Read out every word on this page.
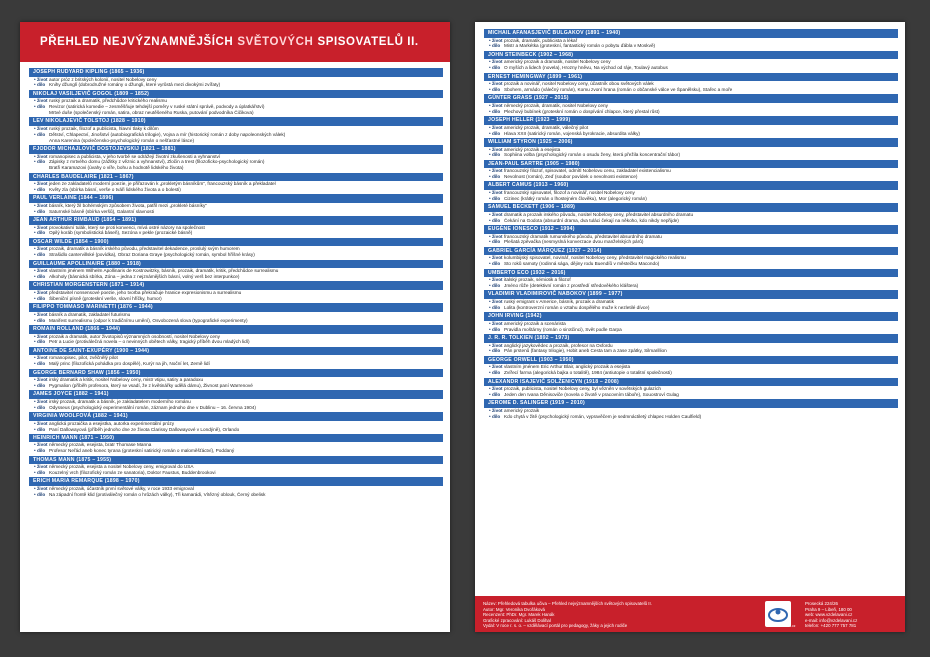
PŘEHLED NEJVÝZNAMNĚJŠÍCH SVĚTOVÝCH SPISOVATELŮ II.
JOSEPH RUDYARD KIPLING (1865 – 1936)
• život autor próz z britských kolonií, nositel Nobelovy ceny
• dílo Knihy džunglí (dobrodružné romány o džungli, které vyrůstá mezi divokými zvířaty)
NIKOLAJ VASILJEVIČ GOGOL (1809 – 1852)
• život ruský prozaik a dramatik, předchůdce kritického realismu
• dílo Revizor (satirická komedie – zesměšňuje tehdejší poměry v ruské státní správě, podvody a úplatkářství)
Mrtvé duše (společenský román, satira, obraz neutěšeného Ruska, putování podvodníka Čičikova)
LEV NIKOLAJEVIČ TOLSTOJ (1828 – 1910)
• život ruský prozaik, filozof a publicista, hlavní tlaky k dílům
• dílo Dětství, Chlapectví, Jinošství (autobiografická trilogie), Vojna a mír (historický román z doby napoleonských válek)
Anna Karenina (společensko-psychologický román o nešťastné lásce)
FJODOR MICHAJLOVIČ DOSTOJEVSKIJ (1821 – 1881)
• život romanopisec a publicista, v jeho tvorbě se odrážejí životní zkušenosti a vyhnanství
• dílo Zápisky z mrtvého domu (zážitky z věznic a vyhnanství), Zločin a trest (filozoficko-psychologický román)
Bratři Karamazovi (úvahy o víře, bohu a hodnotě lidského života)
CHARLES BAUDELAIRE (1821 – 1867)
• život jeden ze zakladatelů moderní poezie, je přiřazován k „prokletým básníkům“, francouzský básník a překladatel
• dílo Květy zla (sbírka básní, verše o tváři lidského života a o bolesti)
PAUL VERLAINE (1844 – 1896)
• život básník, který žil bohémským způsobem života, patřil mezi „prokleté básníky“
• dílo Saturnské básně (sbírka veršů), Galantní slavnosti
JEAN ARTHUR RIMBAUD (1854 – 1891)
• život provokativní tulák, který se proti konvenci, mívá ostré názory na společnost
• dílo Opilý koráb (symbolistická báseň), Sezóna v pekle (prozaické básně)
OSCAR WILDE (1854 – 1900)
• život prozaik, dramatik a básník irského původu, představitel dekadence, proslulý svým humorem
• dílo Strašidlo cantervillské (povídka), Obraz Doriana Graye (psychologický román, symbol hříšné krásy)
GUILLAUME APOLLINAIRE (1880 – 1918)
• život vlastním jménem Wilhelm Apollinaris de Kostrowitzky, básník, prozaik, dramatik, kritik, předchůdce surrealismu
• dílo Alkoholy (básnická sbírka, Zóna – jedna z nejznámějších básní, volný verš bez interpunkce)
CHRISTIAN MORGENSTERN (1871 – 1914)
• život představitel nonsensové poezie, jeho tvorba překračuje hranice expresionismu a surrealismu
• dílo Šibeniční písně (groteskní verše, slovní hříčky, humor)
FILIPPO TOMMASO MARINETTI (1876 – 1944)
• život básník a dramatik, zakladatel futurismu
• dílo Manifest surrealismu (odpor k tradičnímu umění), Osvobozená slova (typografické experimenty)
ROMAIN ROLLAND (1866 – 1944)
• život prozaik a dramatik, autor životopisů významných osobností, nositel Nobelovy ceny
• dílo Petr a Lucie (protiválečná novela – o nevinných obětech války, tragický příběh dvou mladých lidí)
ANTOINE DE SAINT-EXUPÉRY (1900 – 1944)
• život romanopisec, pilot, zvěčnělý pilot
• dílo Malý princ (filozofická pohádka pro dospělé), Kurýr na jih, Noční let, Země lidí
GEORGE BERNARD SHAW (1856 – 1950)
• život irský dramatik a kritik, nositel Nobelovy ceny, mistr vtipu, satiry a paradoxu
• dílo Pygmalion (příběh profesora, který se vsadí, že z květinářky udělá dámu), Živnost paní Warrenové
JAMES JOYCE (1882 – 1941)
• život irský prozaik, dramatik a básník, je zakladatelem moderního románu
• dílo Odysseus (psychologický experimentální román, záznam jednoho dne v Dublinu – 16. června 1904)
VIRGINIA WOOLFOVÁ (1882 – 1941)
• život anglická prozaička a esejistka, autorka experimentální prózy
• dílo Paní Dallowayová (příběh jednoho dne ze života Clarissy Dallowayové v Londýně), Orlando
HEINRICH MANN (1871 – 1950)
• život německý prozaik, esejista, bratr Thomase Manna
• dílo Profesor Neřád aneb konec tyrana (groteskní satirický román o maloměšťáctví), Poddaný
THOMAS MANN (1875 – 1955)
• život německý prozaik, esejista a nositel Nobelovy ceny, emigroval do USA
• dílo Kouzelný vrch (filozofický román ze sanatoria), Doktor Faustus, Buddenbrookovi
ERICH MARIA REMARQUE (1898 – 1970)
• život německý prozaik, účastník první světové války, v roce 1933 emigroval
• dílo Na západní frontě klid (protiválečný román o hrůzách války), Tři kamarádi, Vítězný oblouk, Černý obelisk
MICHAIL AFANASJEVIČ BULGAKOV (1891 – 1940)
• život prozaik, dramatik, publicista a lékař
• dílo Mistr a Markétka (groteskní, fantastický román o pobytu ďábla v Moskvě)
JOHN STEINBECK (1902 – 1968)
• život americký prozaik a dramatik, nositel Nobelovy ceny
• dílo O myších a lidech (novela), Hrozny hněvu, Na východ od ráje, Toulavý autobus
ERNEST HEMINGWAY (1899 – 1961)
• život prozaik a novinář, nositel Nobelovy ceny, účastník obou světových válek
• dílo Sbohem, armádo (válečný román), Komu zvoní hrana (román o občanské válce ve Španělsku), Stařec a moře
GÜNTER GRASS (1927 – 2015)
• život německý prozaik, dramatik, nositel Nobelovy ceny
• dílo Plechový bubínek (groteskní román o dospívání chlapce, který přestal růst)
JOSEPH HELLER (1923 – 1999)
• život americký prozaik, dramatik, válečný pilot
• dílo Hlava XXII (satirický román, vojenská byrokracie, absurdita války)
WILLIAM STYRON (1925 – 2006)
• život americký prozaik a esejista
• dílo Sophiina volba (psychologický román o osudu ženy, která přežila koncentrační tábor)
JEAN-PAUL SARTRE (1905 – 1980)
• život francouzský filozof, spisovatel, odmítl Nobelovu cenu, zakladatel existencialismu
• dílo Nevolnost (román), Zeď (soubor povídek o nevolnosti existence)
ALBERT CAMUS (1913 – 1960)
• život francouzský spisovatel, filozof a novinář, nositel Nobelovy ceny
• dílo Cizinec (krátký román o lhostejném člověku), Mor (alegorický román)
SAMUEL BECKETT (1906 – 1989)
• život dramatik a prozaik irského původu, nositel Nobelovy ceny, představitel absurdního dramatu
• dílo Čekání na Godota (absurdní drama, dva tuláci čekají na někoho, kdo nikdy nepřijde)
EUGÈNE IONESCO (1912 – 1994)
• život francouzský dramatik rumunského původu, představitel absurdního dramatu
• dílo Plešatá zpěvačka (nesmyslná konverzace dvou manželských párů)
GABRIEL GARCÍA MÁRQUEZ (1927 – 2014)
• život kolumbijský spisovatel, novinář, nositel Nobelovy ceny, představitel magického realismu
• dílo Sto roků samoty (rodinná sága, dějiny rodu Buendíů v městečku Macondo)
UMBERTO ECO (1932 – 2016)
• život italský prozaik, sémiotik a filozof
• dílo Jméno růže (detektivní román z prostředí středověkého kláštera)
VLADIMIR VLADIMIROVIČ NABOKOV (1899 – 1977)
• život ruský emigrant v Americe, básník, prozaik a dramatik
• dílo Lolita (kontroverzní román o vztahu dospělého muže k nezletilé dívce)
JOHN IRVING (1942)
• život americký prozaik a scenárista
• dílo Pravidla moštárny (román o sirotčinci), Svět podle Garpa
J. R. R. TOLKIEN (1892 – 1973)
• život anglický jazykovědec a prozaik, profesor na Oxfordu
• dílo Pán prstenů (fantasy trilogie), Hobit aneb Cesta tam a zase zpátky, Silmarillion
GEORGE ORWELL (1903 – 1950)
• život vlastním jménem Eric Arthur Blair, anglický prozaik a esejista
• dílo Zvířecí farma (alegorická bajka o totalitě), 1984 (antiutopie o totalitní společnosti)
ALEXANDR ISAJEVIČ SOLŽENICYN (1918 – 2008)
• život prozaik, publicista, nositel Nobelovy ceny, byl vězněn v sovětských gulazích
• dílo Jeden den Ivana Děnisoviče (novela o životě v pracovním táboře), Souostroví Gulag
JEROME D. SALINGER (1919 – 2010)
• život americký prozaik
• dílo Kdo chytá v žitě (psychologický román, vypravěčem je sedmnáctiletý chlapec Holden Caulfield)
Název: Přehledová tabulka učiva – Přehled nejvýznamnějších světových spisovatelů II.
Autor: Mgr. Veronika Dvořáková
Recenzent: PhDr. Mgr. Marek Hanák
Grafické zpracování: Lukáš Dolihal
Vydal: V roce r. s. o. – vzdělávací portál pro pedagogy, žáky a jejich rodiče	www.vzdelavani.cz
Prosecká 224/26
Praha 9 – Libeň, 180 00
web: www.vzdelavani.cz
e-mail: info@vzdelavani.cz
telefon: +420 777 757 781
